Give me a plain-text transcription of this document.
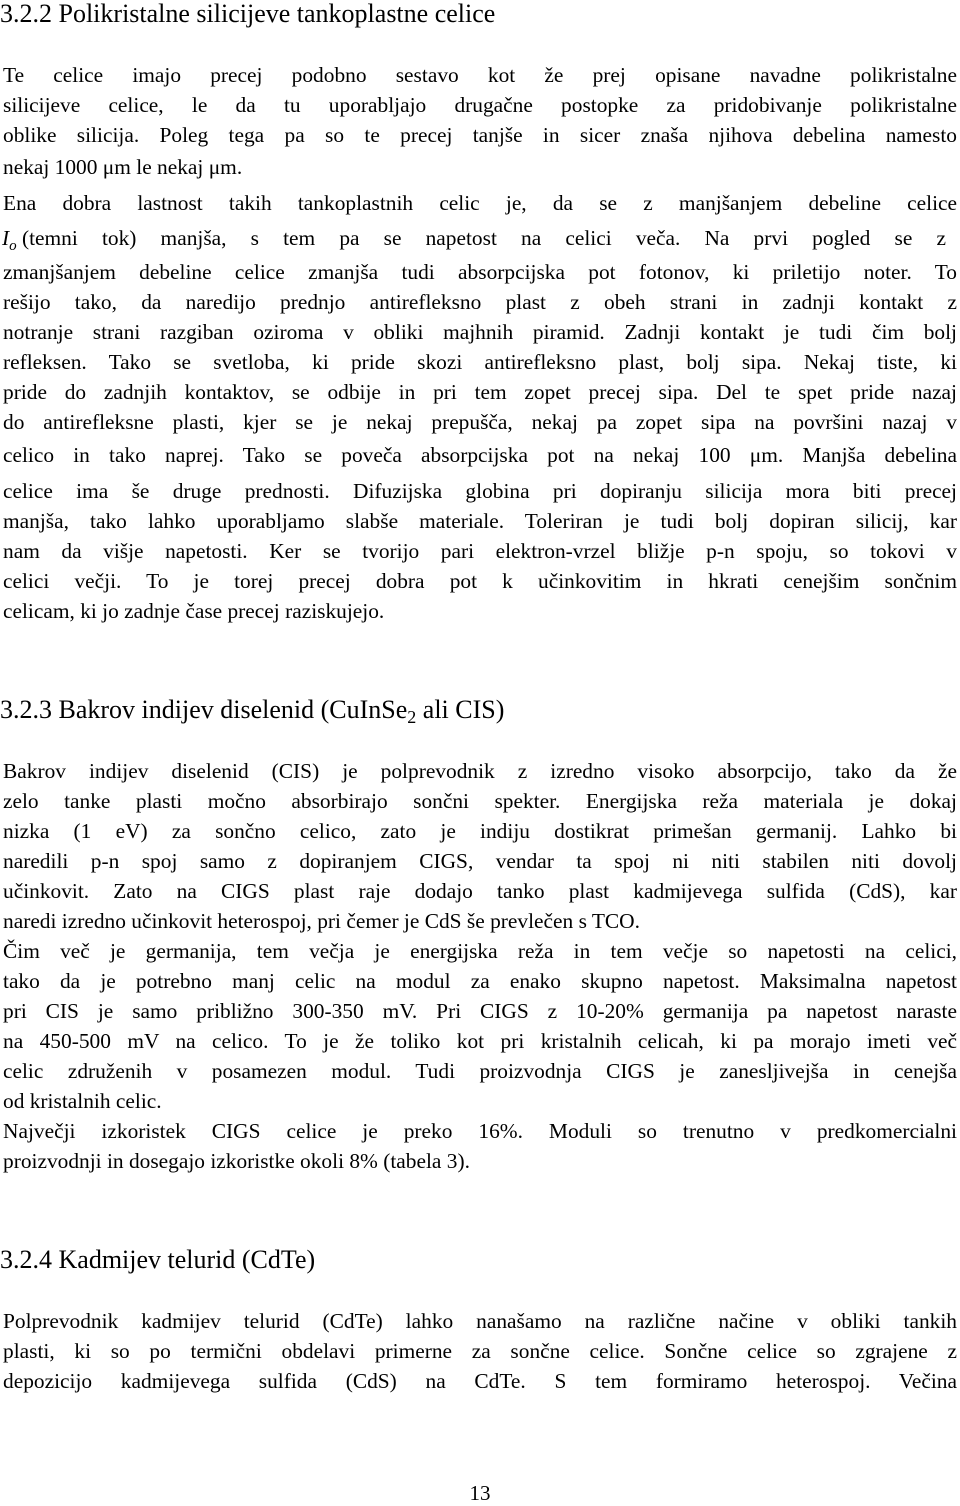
3.2.2 Polikristalne silicijeve tankoplastne celice
Te celice imajo precej podobno sestavo kot že prej opisane navadne polikristalne
silicijeve celice, le da tu uporabljajo drugačne postopke za pridobivanje polikristalne
oblike silicija. Poleg tega pa so te precej tanjše in sicer znaša njihova debelina namesto
nekaj 1000 μm le nekaj μm.
Ena dobra lastnost takih tankoplastnih celic je, da se z manjšanjem debeline celice
$I_o$ (temni tok) manjša, s tem pa se napetost na celici veča. Na prvi pogled se z
zmanjšanjem debeline celice zmanjša tudi absorpcijska pot fotonov, ki priletijo noter. To
rešijo tako, da naredijo prednjo antirefleksno plast z obeh strani in zadnji kontakt z
notranje strani razgiban oziroma v obliki majhnih piramid. Zadnji kontakt je tudi čim bolj
refleksen. Tako se svetloba, ki pride skozi antirefleksno plast, bolj sipa. Nekaj tiste, ki
pride do zadnjih kontaktov, se odbije in pri tem zopet precej sipa. Del te spet pride nazaj
do antirefleksne plasti, kjer se je nekaj prepušča, nekaj pa zopet sipa na površini nazaj v
celico in tako naprej. Tako se poveča absorpcijska pot na nekaj 100 μm. Manjša debelina
celice ima še druge prednosti. Difuzijska globina pri dopiranju silicija mora biti precej
manjša, tako lahko uporabljamo slabše materiale. Toleriran je tudi bolj dopiran silicij, kar
nam da višje napetosti. Ker se tvorijo pari elektron-vrzel bližje p-n spoju, so tokovi v
celici večji. To je torej precej dobra pot k učinkovitim in hkrati cenejšim sončnim
celicam, ki jo zadnje čase precej raziskujejo.
3.2.3 Bakrov indijev diselenid (CuInSe$_2$ ali CIS)
Bakrov indijev diselenid (CIS) je polprevodnik z izredno visoko absorpcijo, tako da že
zelo tanke plasti močno absorbirajo sončni spekter. Energijska reža materiala je dokaj
nizka (1 eV) za sončno celico, zato je indiju dostikrat primešan germanij. Lahko bi
naredili p-n spoj samo z dopiranjem CIGS, vendar ta spoj ni niti stabilen niti dovolj
učinkovit. Zato na CIGS plast raje dodajo tanko plast kadmijevega sulfida (CdS), kar
naredi izredno učinkovit heterospoj, pri čemer je CdS še prevlečen s TCO.
Čim več je germanija, tem večja je energijska reža in tem večje so napetosti na celici,
tako da je potrebno manj celic na modul za enako skupno napetost. Maksimalna napetost
pri CIS je samo približno 300-350 mV. Pri CIGS z 10-20% germanija pa napetost naraste
na 450-500 mV na celico. To je že toliko kot pri kristalnih celicah, ki pa morajo imeti več
celic združenih v posamezen modul. Tudi proizvodnja CIGS je zanesljivejša in cenejša
od kristalnih celic.
Največji izkoristek CIGS celice je preko 16%. Moduli so trenutno v predkomercialni
proizvodnji in dosegajo izkoristke okoli 8% (tabela 3).
3.2.4 Kadmijev telurid (CdTe)
Polprevodnik kadmijev telurid (CdTe) lahko nanašamo na različne načine v obliki tankih
plasti, ki so po termični obdelavi primerne za sončne celice. Sončne celice so zgrajene z
depozicijo kadmijevega sulfida (CdS) na CdTe. S tem formiramo heterospoj. Večina
13
